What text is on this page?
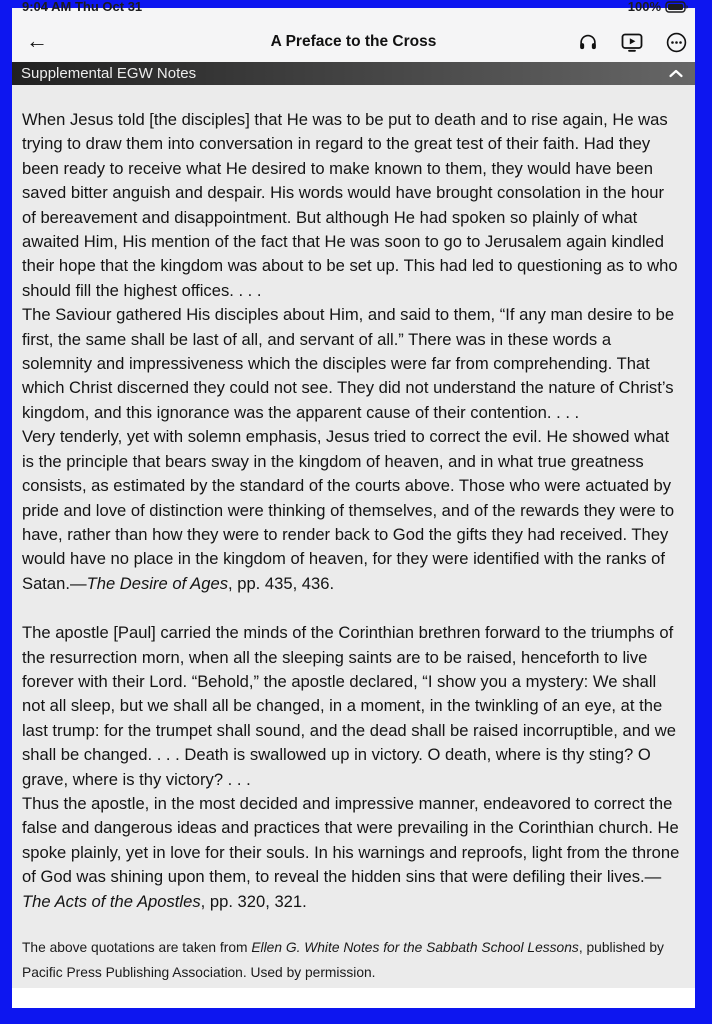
9:04 AM Thu Oct 31	100%
←	A Preface to the Cross
Supplemental EGW Notes

When Jesus told [the disciples] that He was to be put to death and to rise again, He was trying to draw them into conversation in regard to the great test of their faith. Had they been ready to receive what He desired to make known to them, they would have been saved bitter anguish and despair. His words would have brought consolation in the hour of bereavement and disappointment. But although He had spoken so plainly of what awaited Him, His mention of the fact that He was soon to go to Jerusalem again kindled their hope that the kingdom was about to be set up. This had led to questioning as to who should fill the highest offices. . . .

The Saviour gathered His disciples about Him, and said to them, “If any man desire to be first, the same shall be last of all, and servant of all.” There was in these words a solemnity and impressiveness which the disciples were far from comprehending. That which Christ discerned they could not see. They did not understand the nature of Christ’s kingdom, and this ignorance was the apparent cause of their contention. . . .

Very tenderly, yet with solemn emphasis, Jesus tried to correct the evil. He showed what is the principle that bears sway in the kingdom of heaven, and in what true greatness consists, as estimated by the standard of the courts above. Those who were actuated by pride and love of distinction were thinking of themselves, and of the rewards they were to have, rather than how they were to render back to God the gifts they had received. They would have no place in the kingdom of heaven, for they were identified with the ranks of Satan.—The Desire of Ages, pp. 435, 436.

The apostle [Paul] carried the minds of the Corinthian brethren forward to the triumphs of the resurrection morn, when all the sleeping saints are to be raised, henceforth to live forever with their Lord. “Behold,” the apostle declared, “I show you a mystery: We shall not all sleep, but we shall all be changed, in a moment, in the twinkling of an eye, at the last trump: for the trumpet shall sound, and the dead shall be raised incorruptible, and we shall be changed. . . . Death is swallowed up in victory. O death, where is thy sting? O grave, where is thy victory? . . .

Thus the apostle, in the most decided and impressive manner, endeavored to correct the false and dangerous ideas and practices that were prevailing in the Corinthian church. He spoke plainly, yet in love for their souls. In his warnings and reproofs, light from the throne of God was shining upon them, to reveal the hidden sins that were defiling their lives.—The Acts of the Apostles, pp. 320, 321.

The above quotations are taken from Ellen G. White Notes for the Sabbath School Lessons, published by Pacific Press Publishing Association. Used by permission.
